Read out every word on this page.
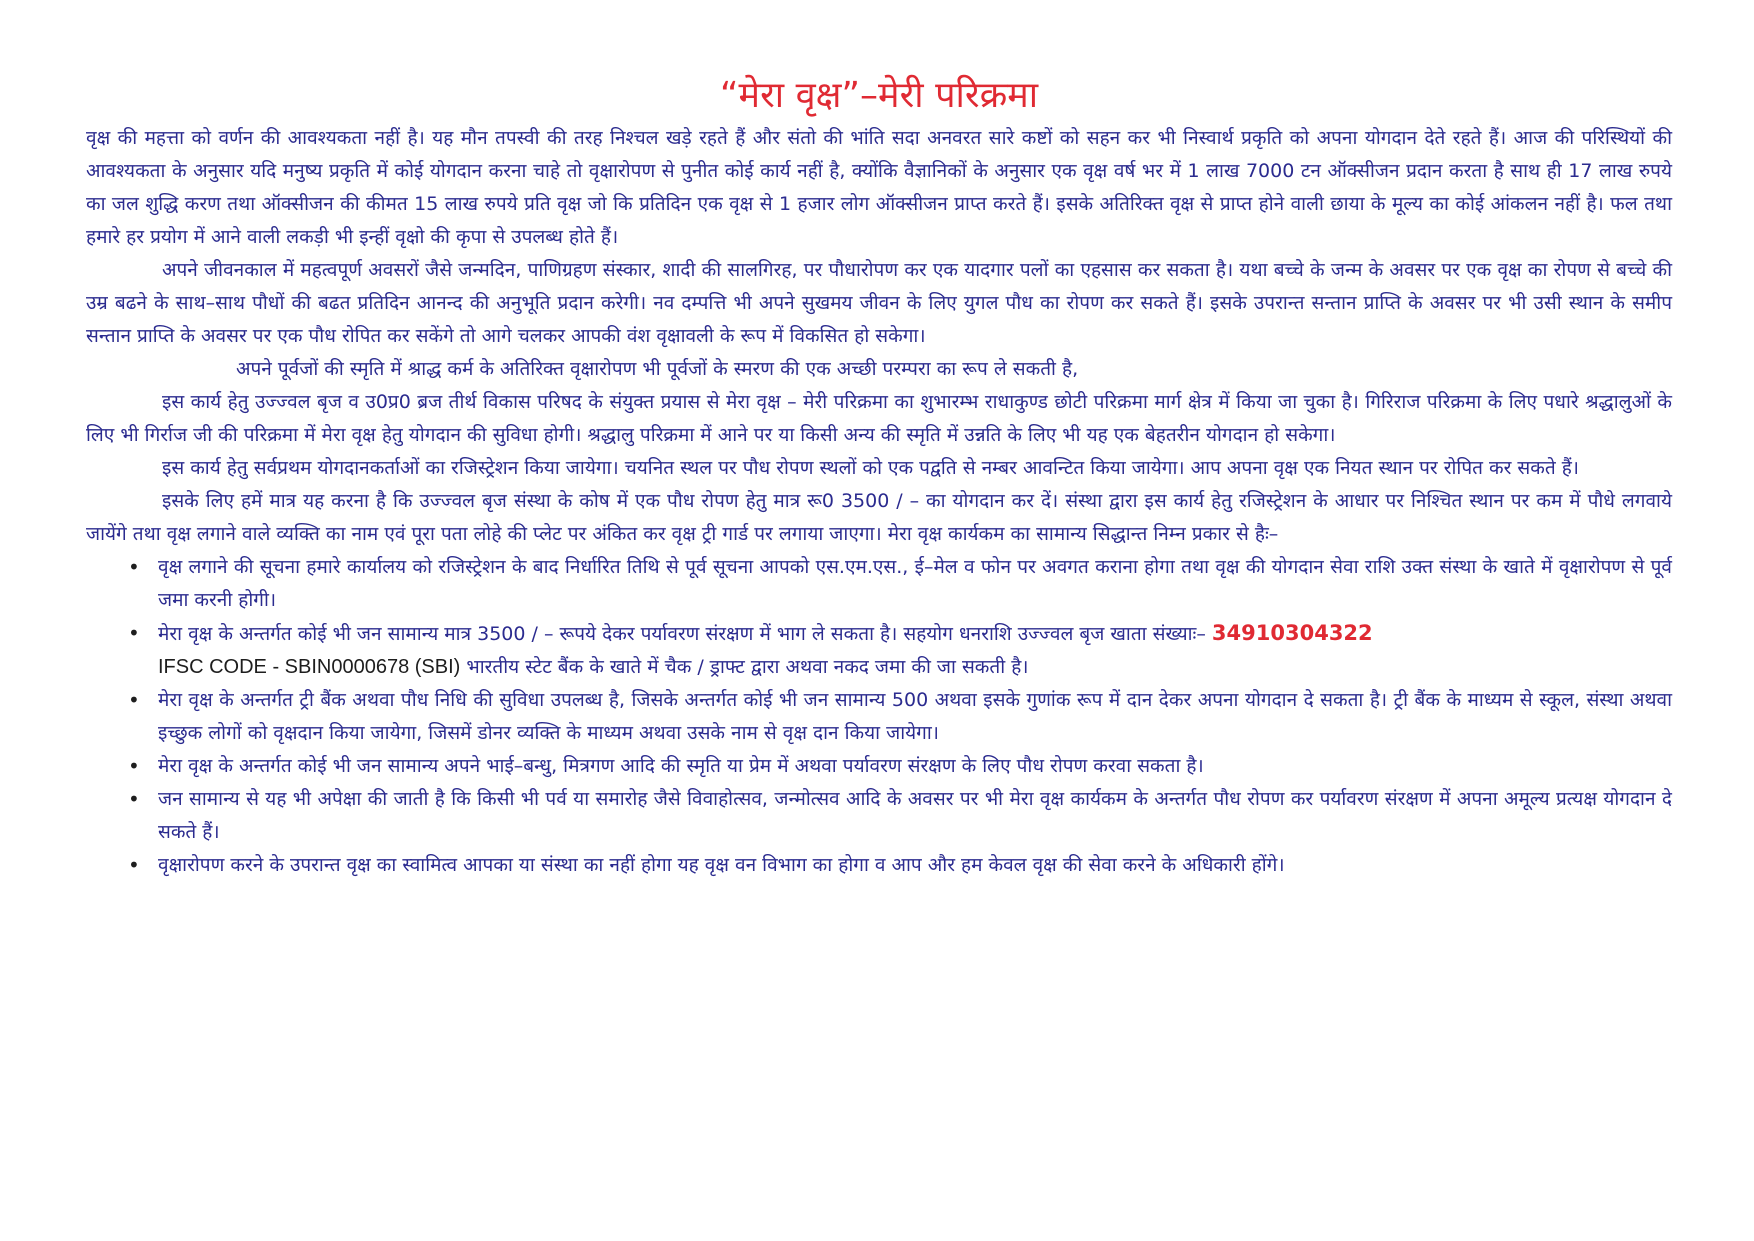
“मेरा वृक्ष”–मेरी परिक्रमा

वृक्ष की महत्ता को वर्णन की आवश्यकता नहीं है। यह मौन तपस्वी की तरह निश्चल खड़े रहते हैं और संतो की भांति सदा अनवरत सारे कष्टों को सहन कर भी निस्वार्थ प्रकृति को अपना योगदान देते रहते हैं। आज की परिस्थियों की आवश्यकता के अनुसार यदि मनुष्य प्रकृति में कोई योगदान करना चाहे तो वृक्षारोपण से पुनीत कोई कार्य नहीं है, क्योंकि वैज्ञानिकों के अनुसार एक वृक्ष वर्ष भर में 1 लाख 7000 टन ऑक्सीजन प्रदान करता है साथ ही 17 लाख रुपये का जल शुद्धि करण तथा ऑक्सीजन की कीमत 15 लाख रुपये प्रति वृक्ष जो कि प्रतिदिन एक वृक्ष से 1 हजार लोग ऑक्सीजन प्राप्त करते हैं। इसके अतिरिक्त वृक्ष से प्राप्त होने वाली छाया के मूल्य का कोई आंकलन नहीं है। फल तथा हमारे हर प्रयोग में आने वाली लकड़ी भी इन्हीं वृक्षो की कृपा से उपलब्ध होते हैं।

अपने जीवनकाल में महत्वपूर्ण अवसरों जैसे जन्मदिन, पाणिग्रहण संस्कार, शादी की सालगिरह, पर पौधारोपण कर एक यादगार पलों का एहसास कर सकता है। यथा बच्चे के जन्म के अवसर पर एक वृक्ष का रोपण से बच्चे की उम्र बढने के साथ–साथ पौधों की बढत प्रतिदिन आनन्द की अनुभूति प्रदान करेगी। नव दम्पत्ति भी अपने सुखमय जीवन के लिए युगल पौध का रोपण कर सकते हैं। इसके उपरान्त सन्तान प्राप्ति के अवसर पर भी उसी स्थान के समीप सन्तान प्राप्ति के अवसर पर एक पौध रोपित कर सकेंगे तो आगे चलकर आपकी वंश वृक्षावली के रूप में विकसित हो सकेगा।

अपने पूर्वजों की स्मृति में श्राद्ध कर्म के अतिरिक्त वृक्षारोपण भी पूर्वजों के स्मरण की एक अच्छी परम्परा का रूप ले सकती है,

इस कार्य हेतु उज्ज्वल बृज व उ0प्र0 ब्रज तीर्थ विकास परिषद के संयुक्त प्रयास से मेरा वृक्ष – मेरी परिक्रमा का शुभारम्भ राधाकुण्ड छोटी परिक्रमा मार्ग क्षेत्र में किया जा चुका है। गिरिराज परिक्रमा के लिए पधारे श्रद्धालुओं के लिए भी गिर्राज जी की परिक्रमा में मेरा वृक्ष हेतु योगदान की सुविधा होगी। श्रद्धालु परिक्रमा में आने पर या किसी अन्य की स्मृति में उन्नति के लिए भी यह एक बेहतरीन योगदान हो सकेगा।

इस कार्य हेतु सर्वप्रथम योगदानकर्ताओं का रजिस्ट्रेशन किया जायेगा। चयनित स्थल पर पौध रोपण स्थलों को एक पद्वति से नम्बर आवन्टित किया जायेगा। आप अपना वृक्ष एक नियत स्थान पर रोपित कर सकते हैं।

इसके लिए हमें मात्र यह करना है कि उज्ज्वल बृज संस्था के कोष में एक पौध रोपण हेतु मात्र रू0 3500 / – का योगदान कर दें। संस्था द्वारा इस कार्य हेतु रजिस्ट्रेशन के आधार पर निश्चित स्थान पर कम में पौधे लगवाये जायेंगे तथा वृक्ष लगाने वाले व्यक्ति का नाम एवं पूरा पता लोहे की प्लेट पर अंकित कर वृक्ष ट्री गार्ड पर लगाया जाएगा। मेरा वृक्ष कार्यकम का सामान्य सिद्धान्त निम्न प्रकार से हैः–

• वृक्ष लगाने की सूचना हमारे कार्यालय को रजिस्ट्रेशन के बाद निर्धारित तिथि से पूर्व सूचना आपको एस.एम.एस., ई–मेल व फोन पर अवगत कराना होगा तथा वृक्ष की योगदान सेवा राशि उक्त संस्था के खाते में वृक्षारोपण से पूर्व जमा करनी होगी।
• मेरा वृक्ष के अन्तर्गत कोई भी जन सामान्य मात्र 3500 / – रूपये देकर पर्यावरण संरक्षण में भाग ले सकता है। सहयोग धनराशि उज्ज्वल बृज खाता संख्याः– 34910304322
IFSC CODE - SBIN0000678 (SBI) भारतीय स्टेट बैंक के खाते में चैक / ड्राफ्ट द्वारा अथवा नकद जमा की जा सकती है।
• मेरा वृक्ष के अन्तर्गत ट्री बैंक अथवा पौध निधि की सुविधा उपलब्ध है, जिसके अन्तर्गत कोई भी जन सामान्य 500 अथवा इसके गुणांक रूप में दान देकर अपना योगदान दे सकता है। ट्री बैंक के माध्यम से स्कूल, संस्था अथवा इच्छुक लोगों को वृक्षदान किया जायेगा, जिसमें डोनर व्यक्ति के माध्यम अथवा उसके नाम से वृक्ष दान किया जायेगा।
• मेरा वृक्ष के अन्तर्गत कोई भी जन सामान्य अपने भाई–बन्धु, मित्रगण आदि की स्मृति या प्रेम में अथवा पर्यावरण संरक्षण के लिए पौध रोपण करवा सकता है।
• जन सामान्य से यह भी अपेक्षा की जाती है कि किसी भी पर्व या समारोह जैसे विवाहोत्सव, जन्मोत्सव आदि के अवसर पर भी मेरा वृक्ष कार्यकम के अन्तर्गत पौध रोपण कर पर्यावरण संरक्षण में अपना अमूल्य प्रत्यक्ष योगदान दे सकते हैं।
• वृक्षारोपण करने के उपरान्त वृक्ष का स्वामित्व आपका या संस्था का नहीं होगा यह वृक्ष वन विभाग का होगा व आप और हम केवल वृक्ष की सेवा करने के अधिकारी होंगे।
